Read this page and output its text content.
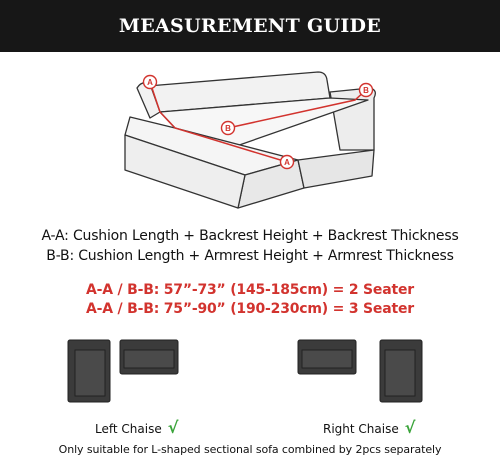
MEASUREMENT GUIDE
A
A
B
B
A-A: Cushion Length + Backrest Height + Backrest Thickness
B-B: Cushion Length + Armrest Height + Armrest Thickness
A-A / B-B: 57”-73” (145-185cm) = 2 Seater
A-A / B-B: 75”-90” (190-230cm) = 3 Seater
Left Chaise √	Right Chaise √
Only suitable for L-shaped sectional sofa combined by 2pcs separately
